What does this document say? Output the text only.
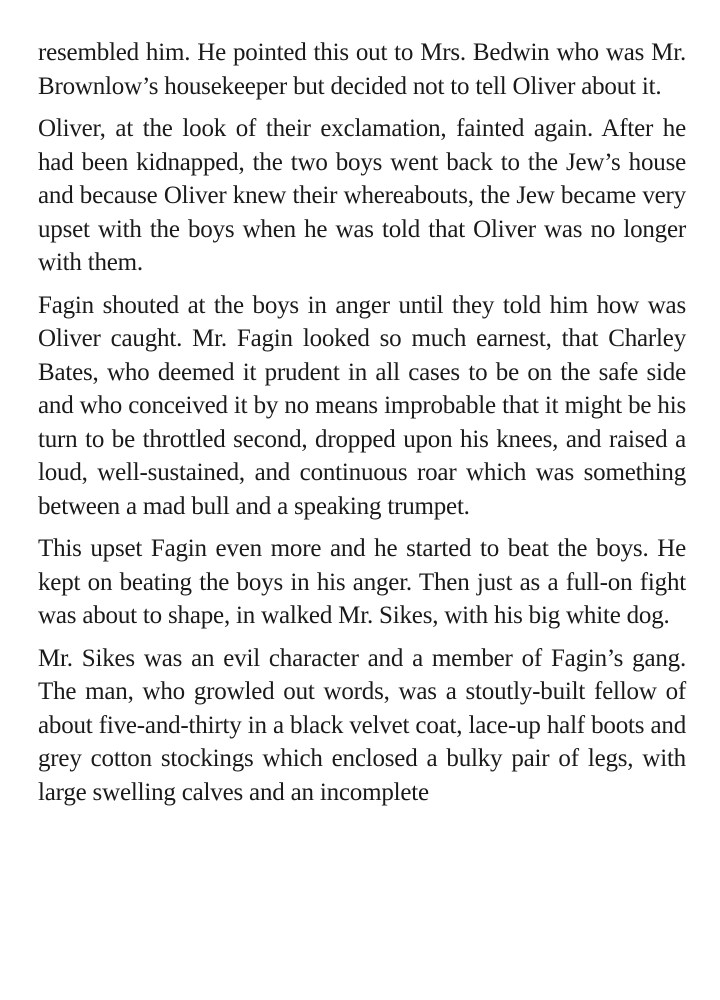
resembled him. He pointed this out to Mrs. Bedwin who was Mr. Brownlow’s housekeeper but decided not to tell Oliver about it.

Oliver, at the look of their exclamation, fainted again. After he had been kidnapped, the two boys went back to the Jew’s house and because Oliver knew their whereabouts, the Jew became very upset with the boys when he was told that Oliver was no longer with them.

Fagin shouted at the boys in anger until they told him how was Oliver caught. Mr. Fagin looked so much earnest, that Charley Bates, who deemed it prudent in all cases to be on the safe side and who conceived it by no means improbable that it might be his turn to be throttled second, dropped upon his knees, and raised a loud, well-sustained, and continuous roar which was something between a mad bull and a speaking trumpet.

This upset Fagin even more and he started to beat the boys. He kept on beating the boys in his anger. Then just as a full-on fight was about to shape, in walked Mr. Sikes, with his big white dog.

Mr. Sikes was an evil character and a member of Fagin’s gang. The man, who growled out words, was a stoutly-built fellow of about five-and-thirty in a black velvet coat, lace-up half boots and grey cotton stockings which enclosed a bulky pair of legs, with large swelling calves and an incomplete
